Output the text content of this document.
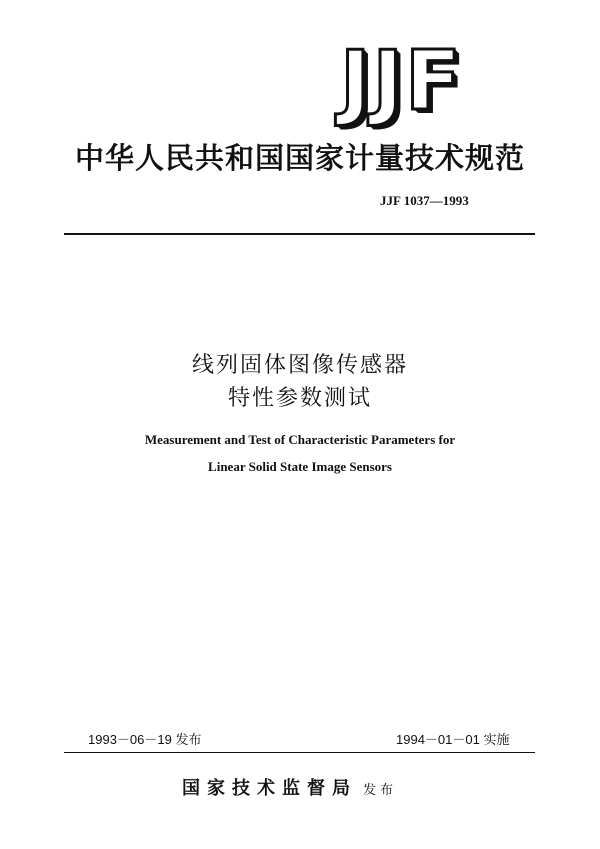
JJF
中华人民共和国国家计量技术规范
JJF 1037—1993
线列固体图像传感器
特性参数测试
Measurement and Test of Characteristic Parameters for
Linear Solid State Image Sensors
1993－06－19 发布	1994－01－01 实施
国家技术监督局 发布
